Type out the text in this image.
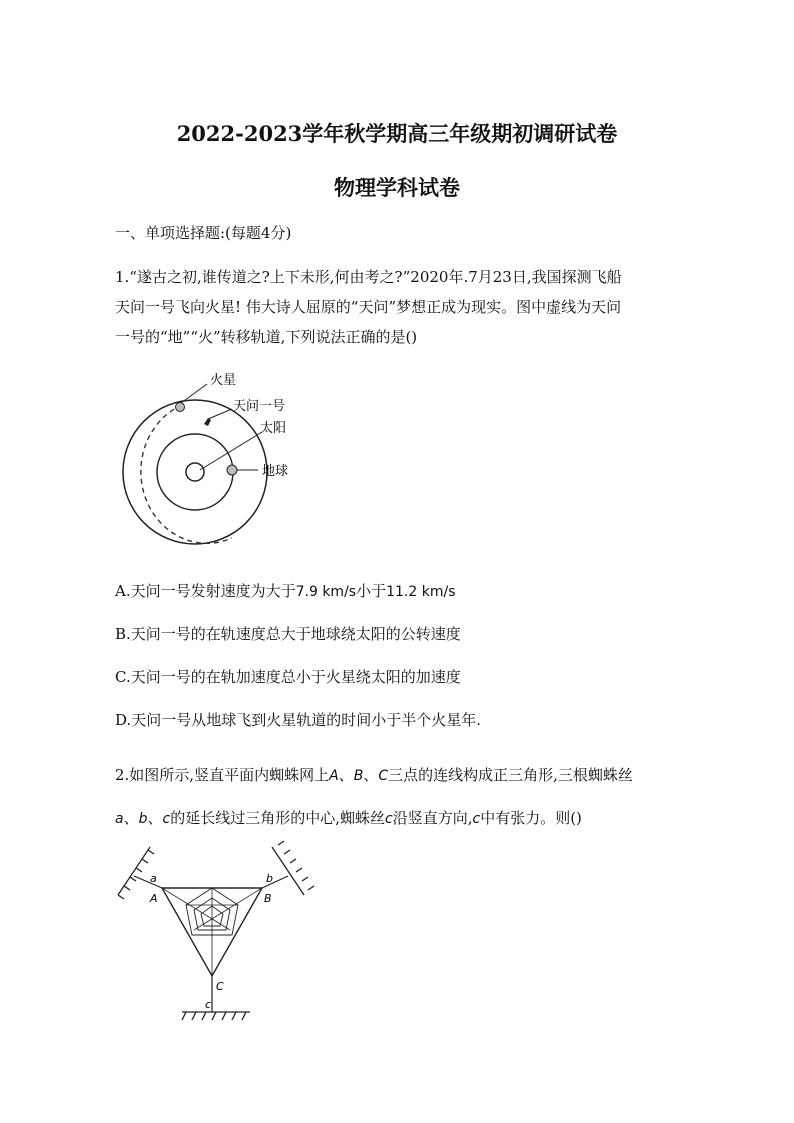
2022-2023学年秋学期高三年级期初调研试卷
物理学科试卷
一、单项选择题:(每题4分)
1.“遂古之初,谁传道之?上下未形,何由考之?”2020年.7月23日,我国探测飞船
天问一号飞向火星! 伟大诗人屈原的“天问”梦想正成为现实。图中虚线为天问
一号的“地”“火”转移轨道,下列说法正确的是()
火星
天问一号
太阳
地球
A.天问一号发射速度为大于7.9 km/s小于11.2 km/s
B.天问一号的在轨速度总大于地球绕太阳的公转速度
C.天问一号的在轨加速度总小于火星绕太阳的加速度
D.天问一号从地球飞到火星轨道的时间小于半个火星年.
2.如图所示,竖直平面内蜘蛛网上A、B、C三点的连线构成正三角形,三根蜘蛛丝
a、b、c的延长线过三角形的中心,蜘蛛丝c沿竖直方向,c中有张力。则()
a	b
c
A	B
C
